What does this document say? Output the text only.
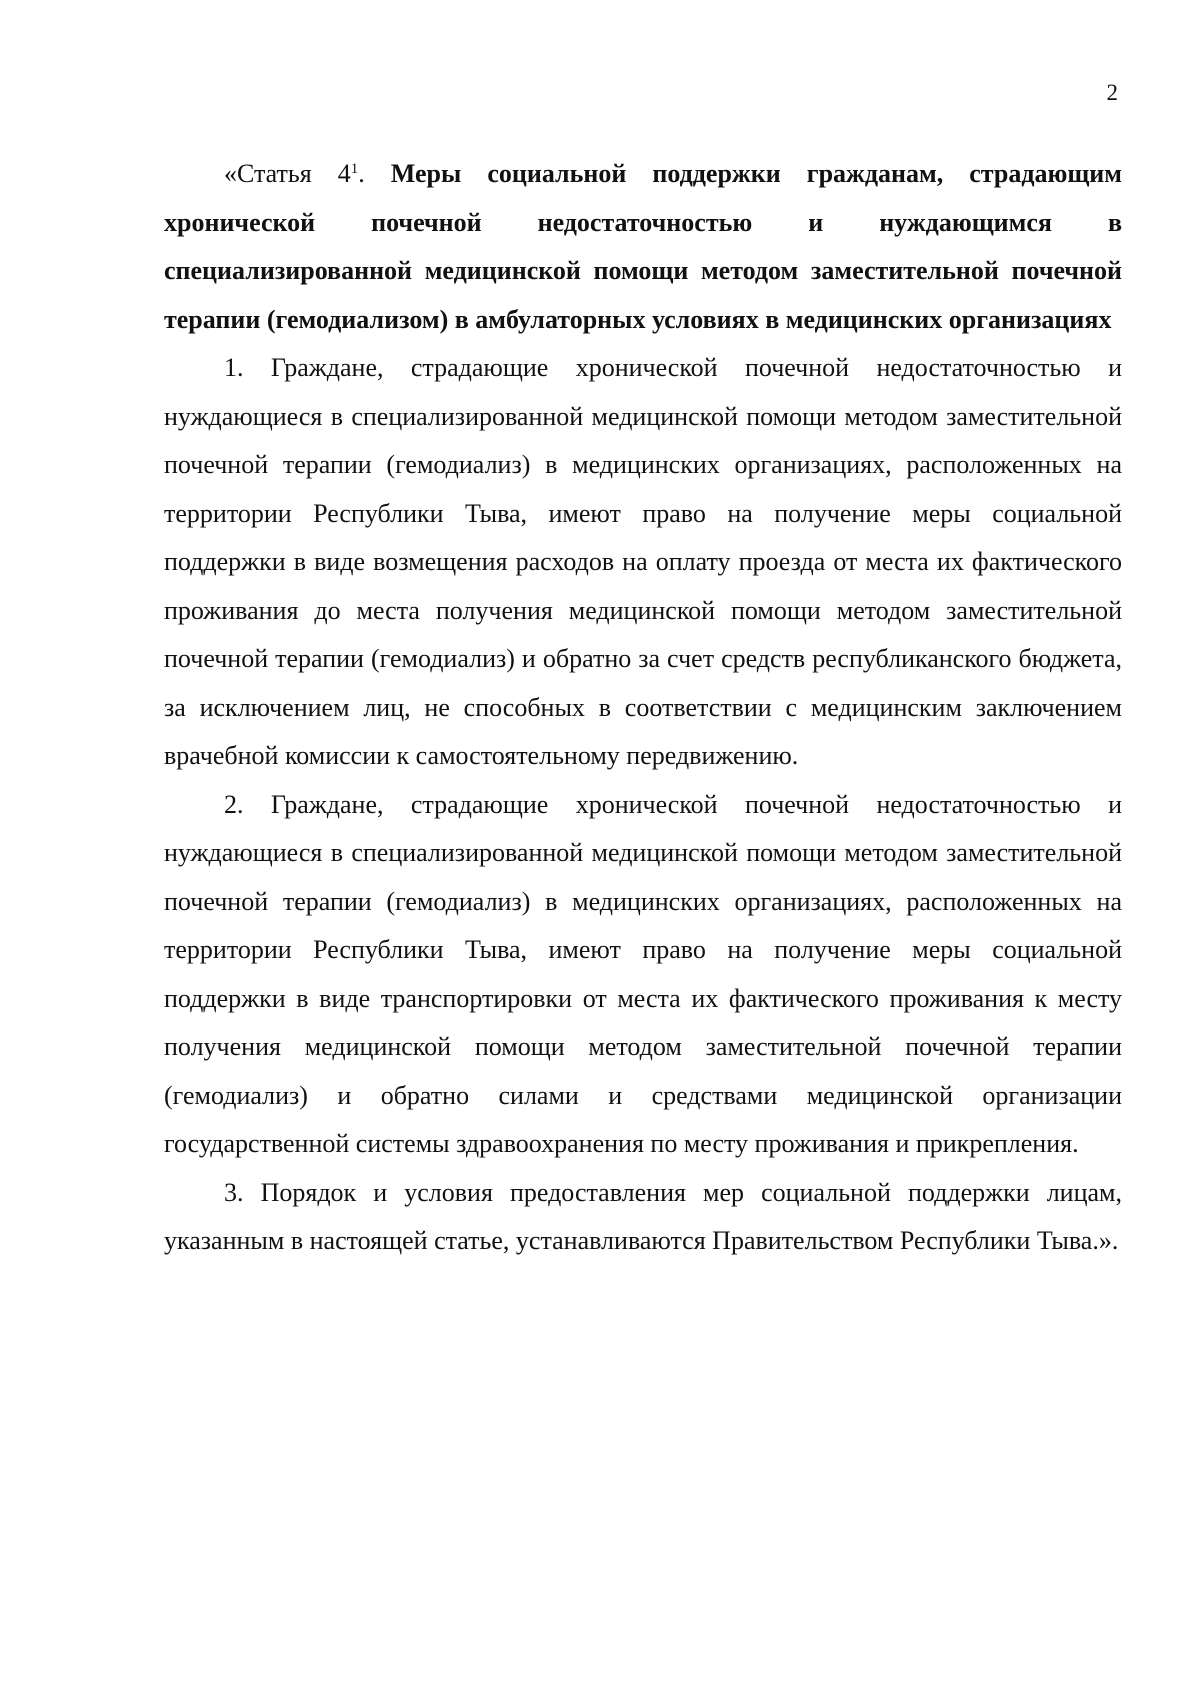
2

«Статья $4^1$. Меры социальной поддержки гражданам, страдающим хронической почечной недостаточностью и нуждающимся в специализированной медицинской помощи методом заместительной почечной терапии (гемодиализом) в амбулаторных условиях в медицинских организациях

1. Граждане, страдающие хронической почечной недостаточностью и нуждающиеся в специализированной медицинской помощи методом заместительной почечной терапии (гемодиализ) в медицинских организациях, расположенных на территории Республики Тыва, имеют право на получение меры социальной поддержки в виде возмещения расходов на оплату проезда от места их фактического проживания до места получения медицинской помощи методом заместительной почечной терапии (гемодиализ) и обратно за счет средств республиканского бюджета, за исключением лиц, не способных в соответствии с медицинским заключением врачебной комиссии к самостоятельному передвижению.

2. Граждане, страдающие хронической почечной недостаточностью и нуждающиеся в специализированной медицинской помощи методом заместительной почечной терапии (гемодиализ) в медицинских организациях, расположенных на территории Республики Тыва, имеют право на получение меры социальной поддержки в виде транспортировки от места их фактического проживания к месту получения медицинской помощи методом заместительной почечной терапии (гемодиализ) и обратно силами и средствами медицинской организации государственной системы здравоохранения по месту проживания и прикрепления.

3. Порядок и условия предоставления мер социальной поддержки лицам, указанным в настоящей статье, устанавливаются Правительством Республики Тыва.».
